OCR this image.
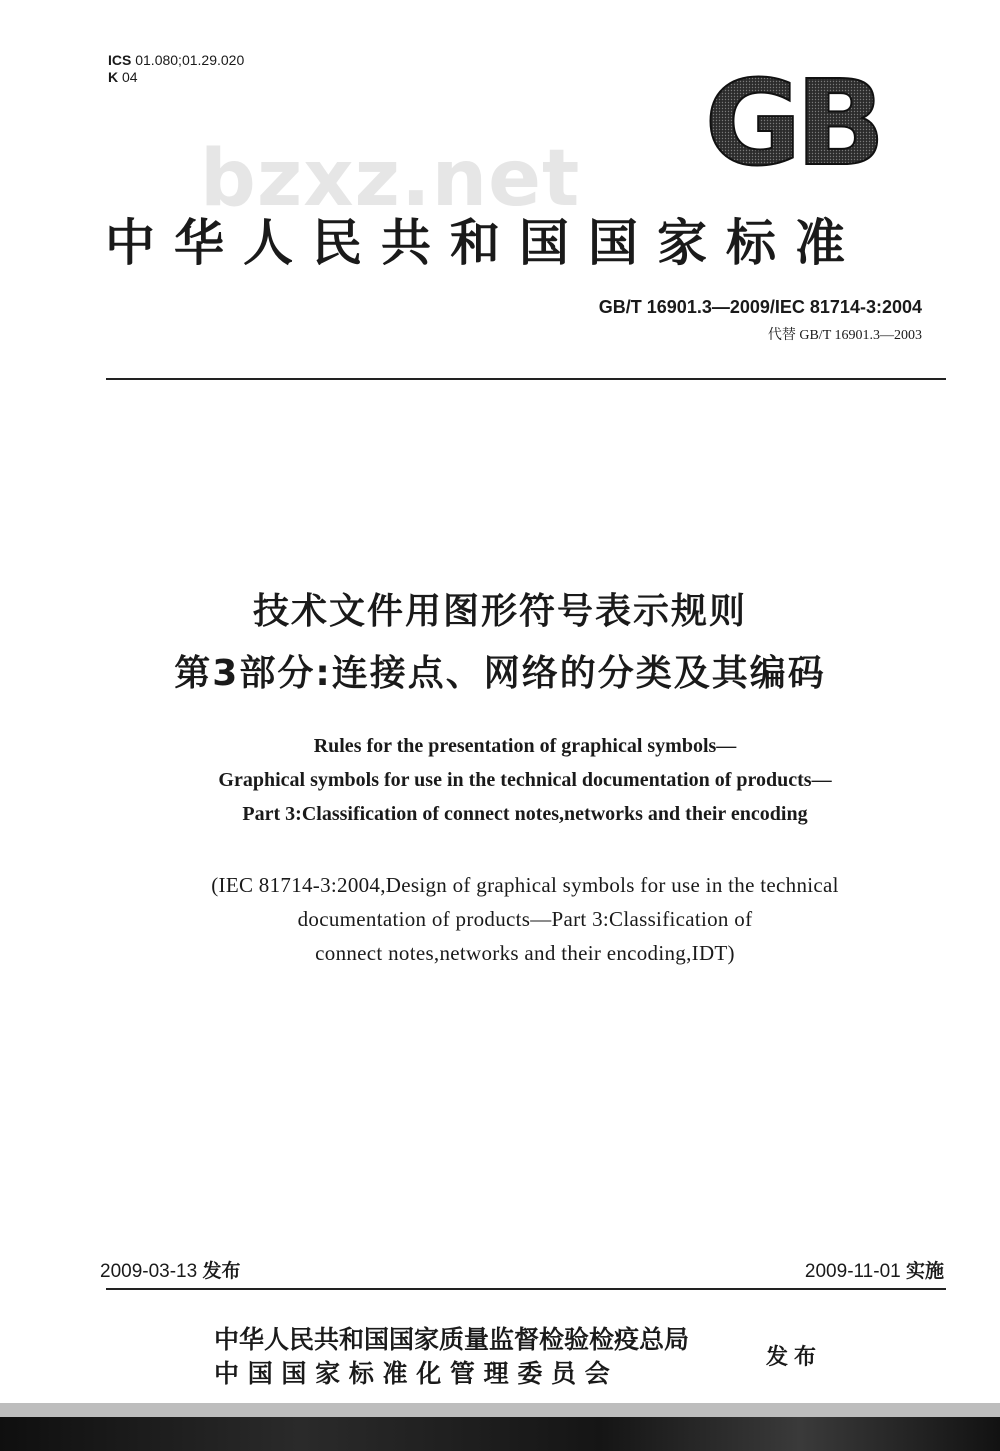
ICS 01.080;01.29.020
K 04	GB
bzxz.net
中华人民共和国国家标准
GB/T 16901.3—2009/IEC 81714-3:2004
代替 GB/T 16901.3—2003
技术文件用图形符号表示规则
第3部分:连接点、网络的分类及其编码
Rules for the presentation of graphical symbols—
Graphical symbols for use in the technical documentation of products—
Part 3:Classification of connect notes,networks and their encoding
(IEC 81714-3:2004,Design of graphical symbols for use in the technical
documentation of products—Part 3:Classification of
connect notes,networks and their encoding,IDT)
2009-03-13 发布	2009-11-01 实施
中华人民共和国国家质量监督检验检疫总局
中 国 国 家 标 准 化 管 理 委 员 会
发布
